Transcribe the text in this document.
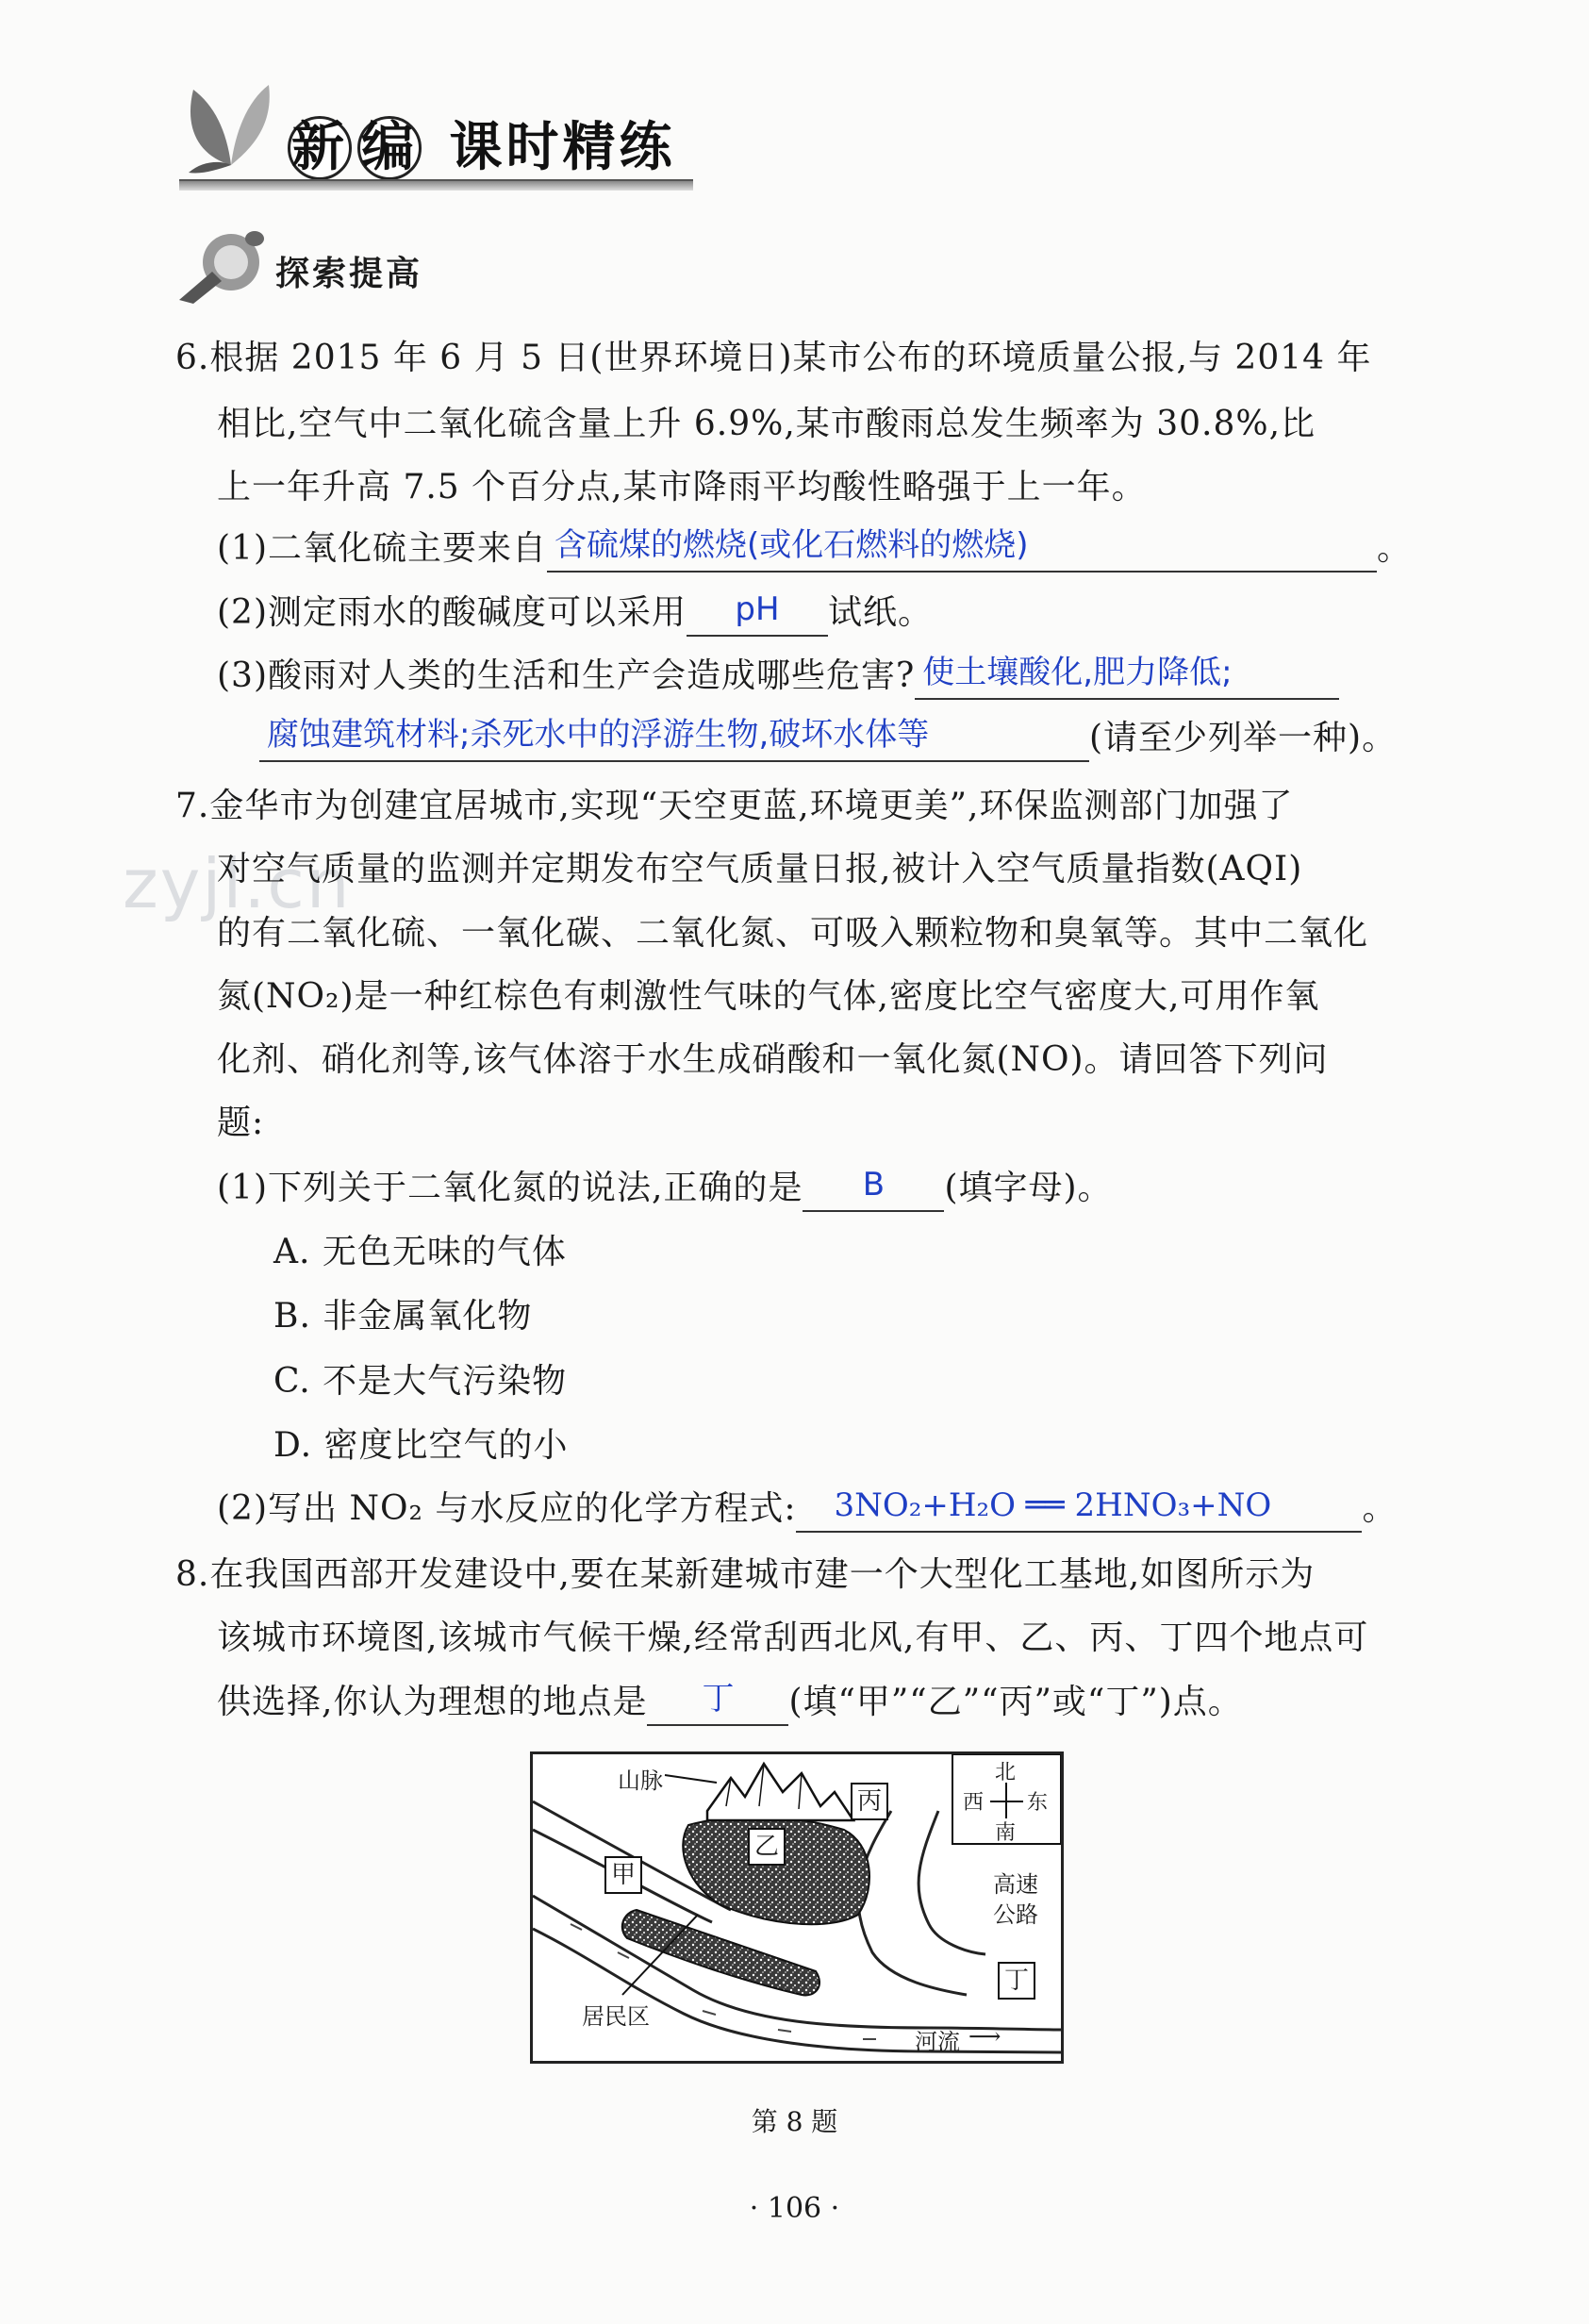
新 编 课时精练
探索提高
zyjl.cn
6.根据 2015 年 6 月 5 日(世界环境日)某市公布的环境质量公报,与 2014 年
相比,空气中二氧化硫含量上升 6.9%,某市酸雨总发生频率为 30.8%,比
上一年升高 7.5 个百分点,某市降雨平均酸性略强于上一年。
(1)二氧化硫主要来自 含硫煤的燃烧(或化石燃料的燃烧)	。
(2)测定雨水的酸碱度可以采用	pH	试纸。
(3)酸雨对人类的生活和生产会造成哪些危害? 使土壤酸化,肥力降低;
腐蚀建筑材料;杀死水中的浮游生物,破坏水体等	(请至少列举一种)。
7.金华市为创建宜居城市,实现“天空更蓝,环境更美”,环保监测部门加强了
对空气质量的监测并定期发布空气质量日报,被计入空气质量指数(AQI)
的有二氧化硫、一氧化碳、二氧化氮、可吸入颗粒物和臭氧等。其中二氧化
氮(NO₂)是一种红棕色有刺激性气味的气体,密度比空气密度大,可用作氧
化剂、硝化剂等,该气体溶于水生成硝酸和一氧化氮(NO)。请回答下列问
题:
(1)下列关于二氧化氮的说法,正确的是	B	(填字母)。
A. 无色无味的气体
B. 非金属氧化物
C. 不是大气污染物
D. 密度比空气的小
(2)写出 NO₂ 与水反应的化学方程式: 3NO₂+H₂O ══ 2HNO₃+NO	。
8.在我国西部开发建设中,要在某新建城市建一个大型化工基地,如图所示为
该城市环境图,该城市气候干燥,经常刮西北风,有甲、乙、丙、丁四个地点可
供选择,你认为理想的地点是	丁	(填“甲”“乙”“丙”或“丁”)点。
山脉
丙
乙
甲
丁
居民区
河流 ⟶
高速
公路
北
南
西 东
第 8 题
· 106 ·
